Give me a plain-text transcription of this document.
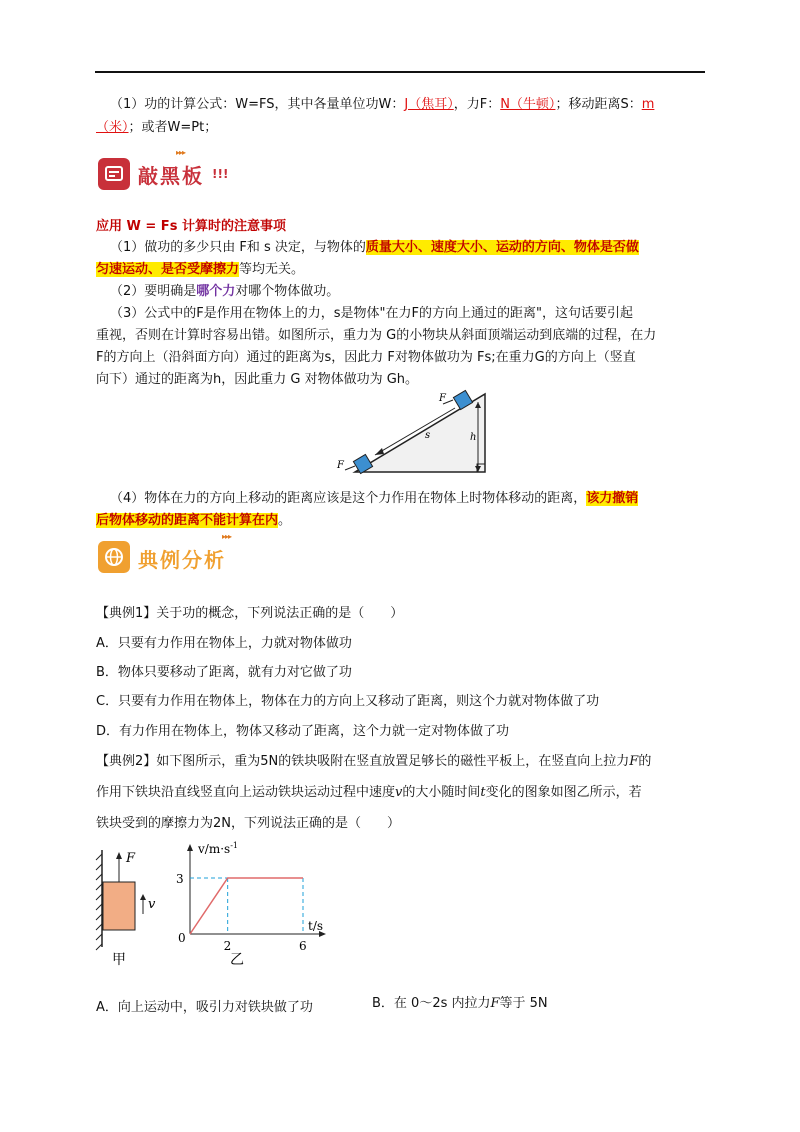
（1）功的计算公式：W=FS，其中各量单位功W：J（焦耳），力F：N（牛顿）；移动距离S：m
（米）；或者W=Pt；
▸▸▸
敲黑板 !!!
应用 W = Fs 计算时的注意事项
（1）做功的多少只由 F和 s 决定，与物体的质量大小、速度大小、运动的方向、物体是否做
匀速运动、是否受摩擦力等均无关。
（2）要明确是哪个力对哪个物体做功。
（3）公式中的F是作用在物体上的力，s是物体"在力F的方向上通过的距离"，这句话要引起
重视，否则在计算时容易出错。如图所示，重力为 G的小物块从斜面顶端运动到底端的过程，在力
F的方向上（沿斜面方向）通过的距离为s，因此力 F对物体做功为 Fs;在重力G的方向上（竖直
向下）通过的距离为h，因此重力 G 对物体做功为 Gh。
F
F
s	h
（4）物体在力的方向上移动的距离应该是这个力作用在物体上时物体移动的距离，该力撤销
后物体移动的距离不能计算在内。
▸▸▸
典例分析
【典例1】关于功的概念，下列说法正确的是（　　）
A．只要有力作用在物体上，力就对物体做功
B．物体只要移动了距离，就有力对它做了功
C．只要有力作用在物体上，物体在力的方向上又移动了距离，则这个力就对物体做了功
D．有力作用在物体上，物体又移动了距离，这个力就一定对物体做了功
【典例2】如下图所示，重为5N的铁块吸附在竖直放置足够长的磁性平板上，在竖直向上拉力F的
作用下铁块沿直线竖直向上运动铁块运动过程中速度v的大小随时间t变化的图象如图乙所示，若
铁块受到的摩擦力为2N，下列说法正确的是（　　）
F
v
甲
2	6
3
$v/m\cdot s^{-1}$
t/s
0
乙
A．向上运动中，吸引力对铁块做了功	B．在 0～2s 内拉力F等于 5N
